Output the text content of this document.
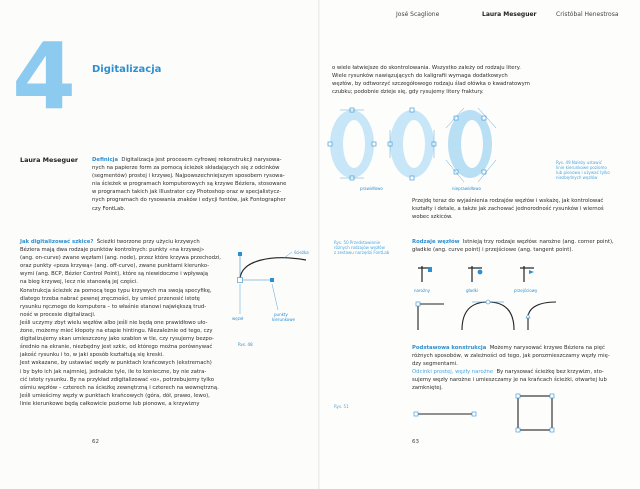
4 Digitalizacja
Laura Meseguer	Definicja Digitalizacja jest procesem cyfrowej rekonstrukcji narysowa-
nych na papierze form za pomocą ścieżek składających się z odcinków
(segmentów) prostej i krzywej. Najpowszechniejszym sposobem rysowa-
nia ścieżek w programach komputerowych są krzywe Béziera, stosowane
w programach takich jak Illustrator czy Photoshop oraz w specjalistycz-
nych programach do rysowania znaków i edycji fontów, jak Fontographer
czy FontLab.
Jak digitalizować szkice? Ścieżki tworzone przy użyciu krzywych
Béziera mają dwa rodzaje punktów kontrolnych: punkty «na krzywej»
(ang. on-curve) zwane węzłami (ang. node), przez które krzywa przechodzi,
oraz punkty «poza krzywą» (ang. off-curve), zwane punktami kierunko-
wymi (ang. BCP, Bézier Control Point), które są niewidoczne i wpływają
na bieg krzywej, lecz nie stanowią jej części.
Konstrukcja ścieżek za pomocą tego typu krzywych ma swoją specyfikę,
dlatego trzeba nabrać pewnej zręczności, by umieć przenosić istotę
rysunku ręcznego do komputera – to właśnie stanowi największą trud-
ność w procesie digitalizacji.
Jeśli uczymy zbyt wielu węzłów albo jeśli nie będą one prawidłowo uło-
żone, możemy mieć kłopoty na etapie hintingu. Niezależnie od tego, czy
digitalizujemy skan umieszczony jako szablon w tle, czy rysujemy bezpo-
średnio na ekranie, niezbędny jest szkic, od którego można porównywać
jakość rysunku i to, w jaki sposób kształtują się kreski.
Jest wskazane, by ustawiać węzły w punktach krańcowych (ekstremach)
i by było ich jak najmniej, jednakże tyle, ile to konieczne, by nie zatra-
cić istoty rysunku. By na przykład zdigitalizować «o», potrzebujemy tylko
ośmiu węzłów – czterech na ścieżkę zewnętrzną i czterech na wewnętrzną.
Jeśli umieścimy węzły w punktach krańcowych (góra, dół, prawo, lewo),
linie kierunkowe będą całkowicie poziome lub pionowe, a krzywizny
ścieżka
węzeł
punkty
kierunkowe
Rys. 48
62
José Scaglione	Laura Meseguer	Cristóbal Henestrosa
o wiele łatwiejsze do skontrolowania. Wszystko zależy od rodzaju litery.
Wiele rysunków nawiązujących do kaligrafii wymaga dodatkowych
węzłów, by odtworzyć szczegółowego rodzaju ślad ołówka o kwadratowym
czubku; podobnie dzieje się, gdy rysujemy litery fraktury.
prawidłowo	nieprawidłowo
Rys. 49 Należy ustawić
linie kierunkowe poziomo
lub pionowo i używać tylko
niezbędnych węzłów
Przejdę teraz do wyjaśnienia rodzajów węzłów i wskażę, jak kontrolować
kształty i detale, a także jak zachować jednorodność rysunków i wiernoś
wobec szkiców.
Rys. 50 Przedstawienie
różnych rodzajów węzłów
z zestawu narzędzi FontLab
Rodzaje węzłów Istnieją trzy rodzaje węzłów: narożne (ang. corner point),
gładkie (ang. curve point) i przejściowe (ang. tangent point).
narożny	gładki	przejściowy
Podstawowa konstrukcja Możemy narysować krzywe Béziera na pięć
różnych sposobów, w zależności od tego, jak porozmieszczamy węzły mię-
dzy segmentami.
Odcinki prostej, węzły narożne By narysować ścieżkę bez krzywizn, sto-
sujemy węzły narożne i umieszczamy je na krańcach ścieżki, otwartej lub
zamkniętej.
Rys. 51
63
